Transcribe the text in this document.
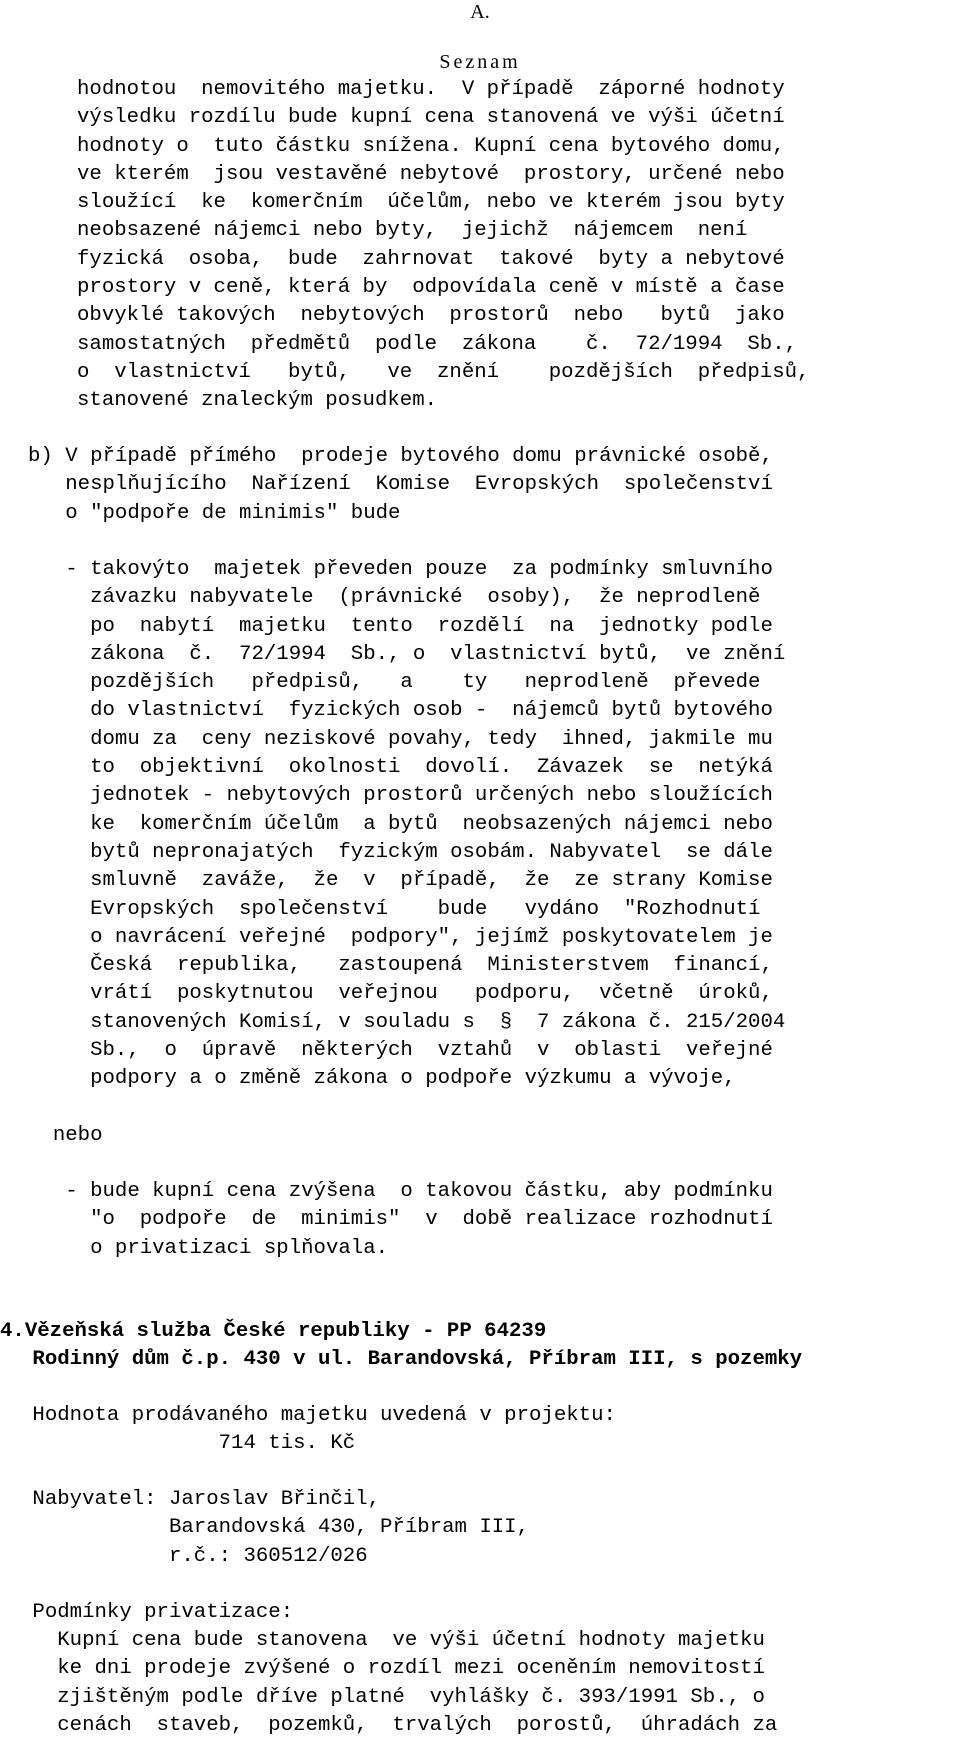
A.
Seznam
hodnotou  nemovitého majetku.  V případě  záporné hodnoty
výsledku rozdílu bude kupní cena stanovená ve výši účetní
hodnoty o  tuto částku snížena. Kupní cena bytového domu,
ve kterém  jsou vestavěné nebytové  prostory, určené nebo
sloužící  ke  komerčním  účelům, nebo ve kterém jsou byty
neobsazené nájemci nebo byty,  jejichž  nájemcem  není
fyzická  osoba,  bude  zahrnovat  takové  byty a nebytové
prostory v ceně, která by  odpovídala ceně v místě a čase
obvyklé takových  nebytových  prostorů  nebo   bytů  jako
samostatných  předmětů  podle  zákona    č.  72/1994  Sb.,
o  vlastnictví   bytů,   ve  znění    pozdějších  předpisů,
stanovené znaleckým posudkem.
b) V případě přímého  prodeje bytového domu právnické osobě,
nesplňujícího  Nařízení  Komise  Evropských  společenství
o "podpoře de minimis" bude
- takovýto  majetek převeden pouze  za podmínky smluvního
závazku nabyvatele  (právnické  osoby),  že neprodleně
po  nabytí  majetku  tento  rozdělí  na  jednotky podle
zákona  č.  72/1994  Sb., o  vlastnictví bytů,  ve znění
pozdějších   předpisů,   a    ty   neprodleně  převede
do vlastnictví  fyzických osob -  nájemců bytů bytového
domu za  ceny neziskové povahy, tedy  ihned, jakmile mu
to  objektivní  okolnosti  dovolí.  Závazek  se  netýká
jednotek - nebytových prostorů určených nebo sloužících
ke  komerčním účelům  a bytů  neobsazených nájemci nebo
bytů nepronajatých  fyzickým osobám. Nabyvatel  se dále
smluvně  zaváže,  že  v  případě,  že  ze strany Komise
Evropských  společenství    bude   vydáno  "Rozhodnutí
o navrácení veřejné  podpory", jejímž poskytovatelem je
Česká  republika,   zastoupená  Ministerstvem  financí,
vrátí  poskytnutou  veřejnou   podporu,  včetně  úroků,
stanovených Komisí, v souladu s  §  7 zákona č. 215/2004
Sb.,  o  úpravě  některých  vztahů  v  oblasti  veřejné
podpory a o změně zákona o podpoře výzkumu a vývoje,
nebo
- bude kupní cena zvýšena  o takovou částku, aby podmínku
"o  podpoře  de  minimis"  v  době realizace rozhodnutí
o privatizaci splňovala.
4.Vězeňská služba České republiky - PP 64239
Rodinný dům č.p. 430 v ul. Barandovská, Příbram III, s pozemky
Hodnota prodávaného majetku uvedená v projektu:
714 tis. Kč
Nabyvatel: Jaroslav Břinčil,
Barandovská 430, Příbram III,
r.č.: 360512/026
Podmínky privatizace:
Kupní cena bude stanovena  ve výši účetní hodnoty majetku
ke dni prodeje zvýšené o rozdíl mezi oceněním nemovitostí
zjištěným podle dříve platné  vyhlášky č. 393/1991 Sb., o
cenách  staveb,  pozemků,  trvalých  porostů,  úhradách za
